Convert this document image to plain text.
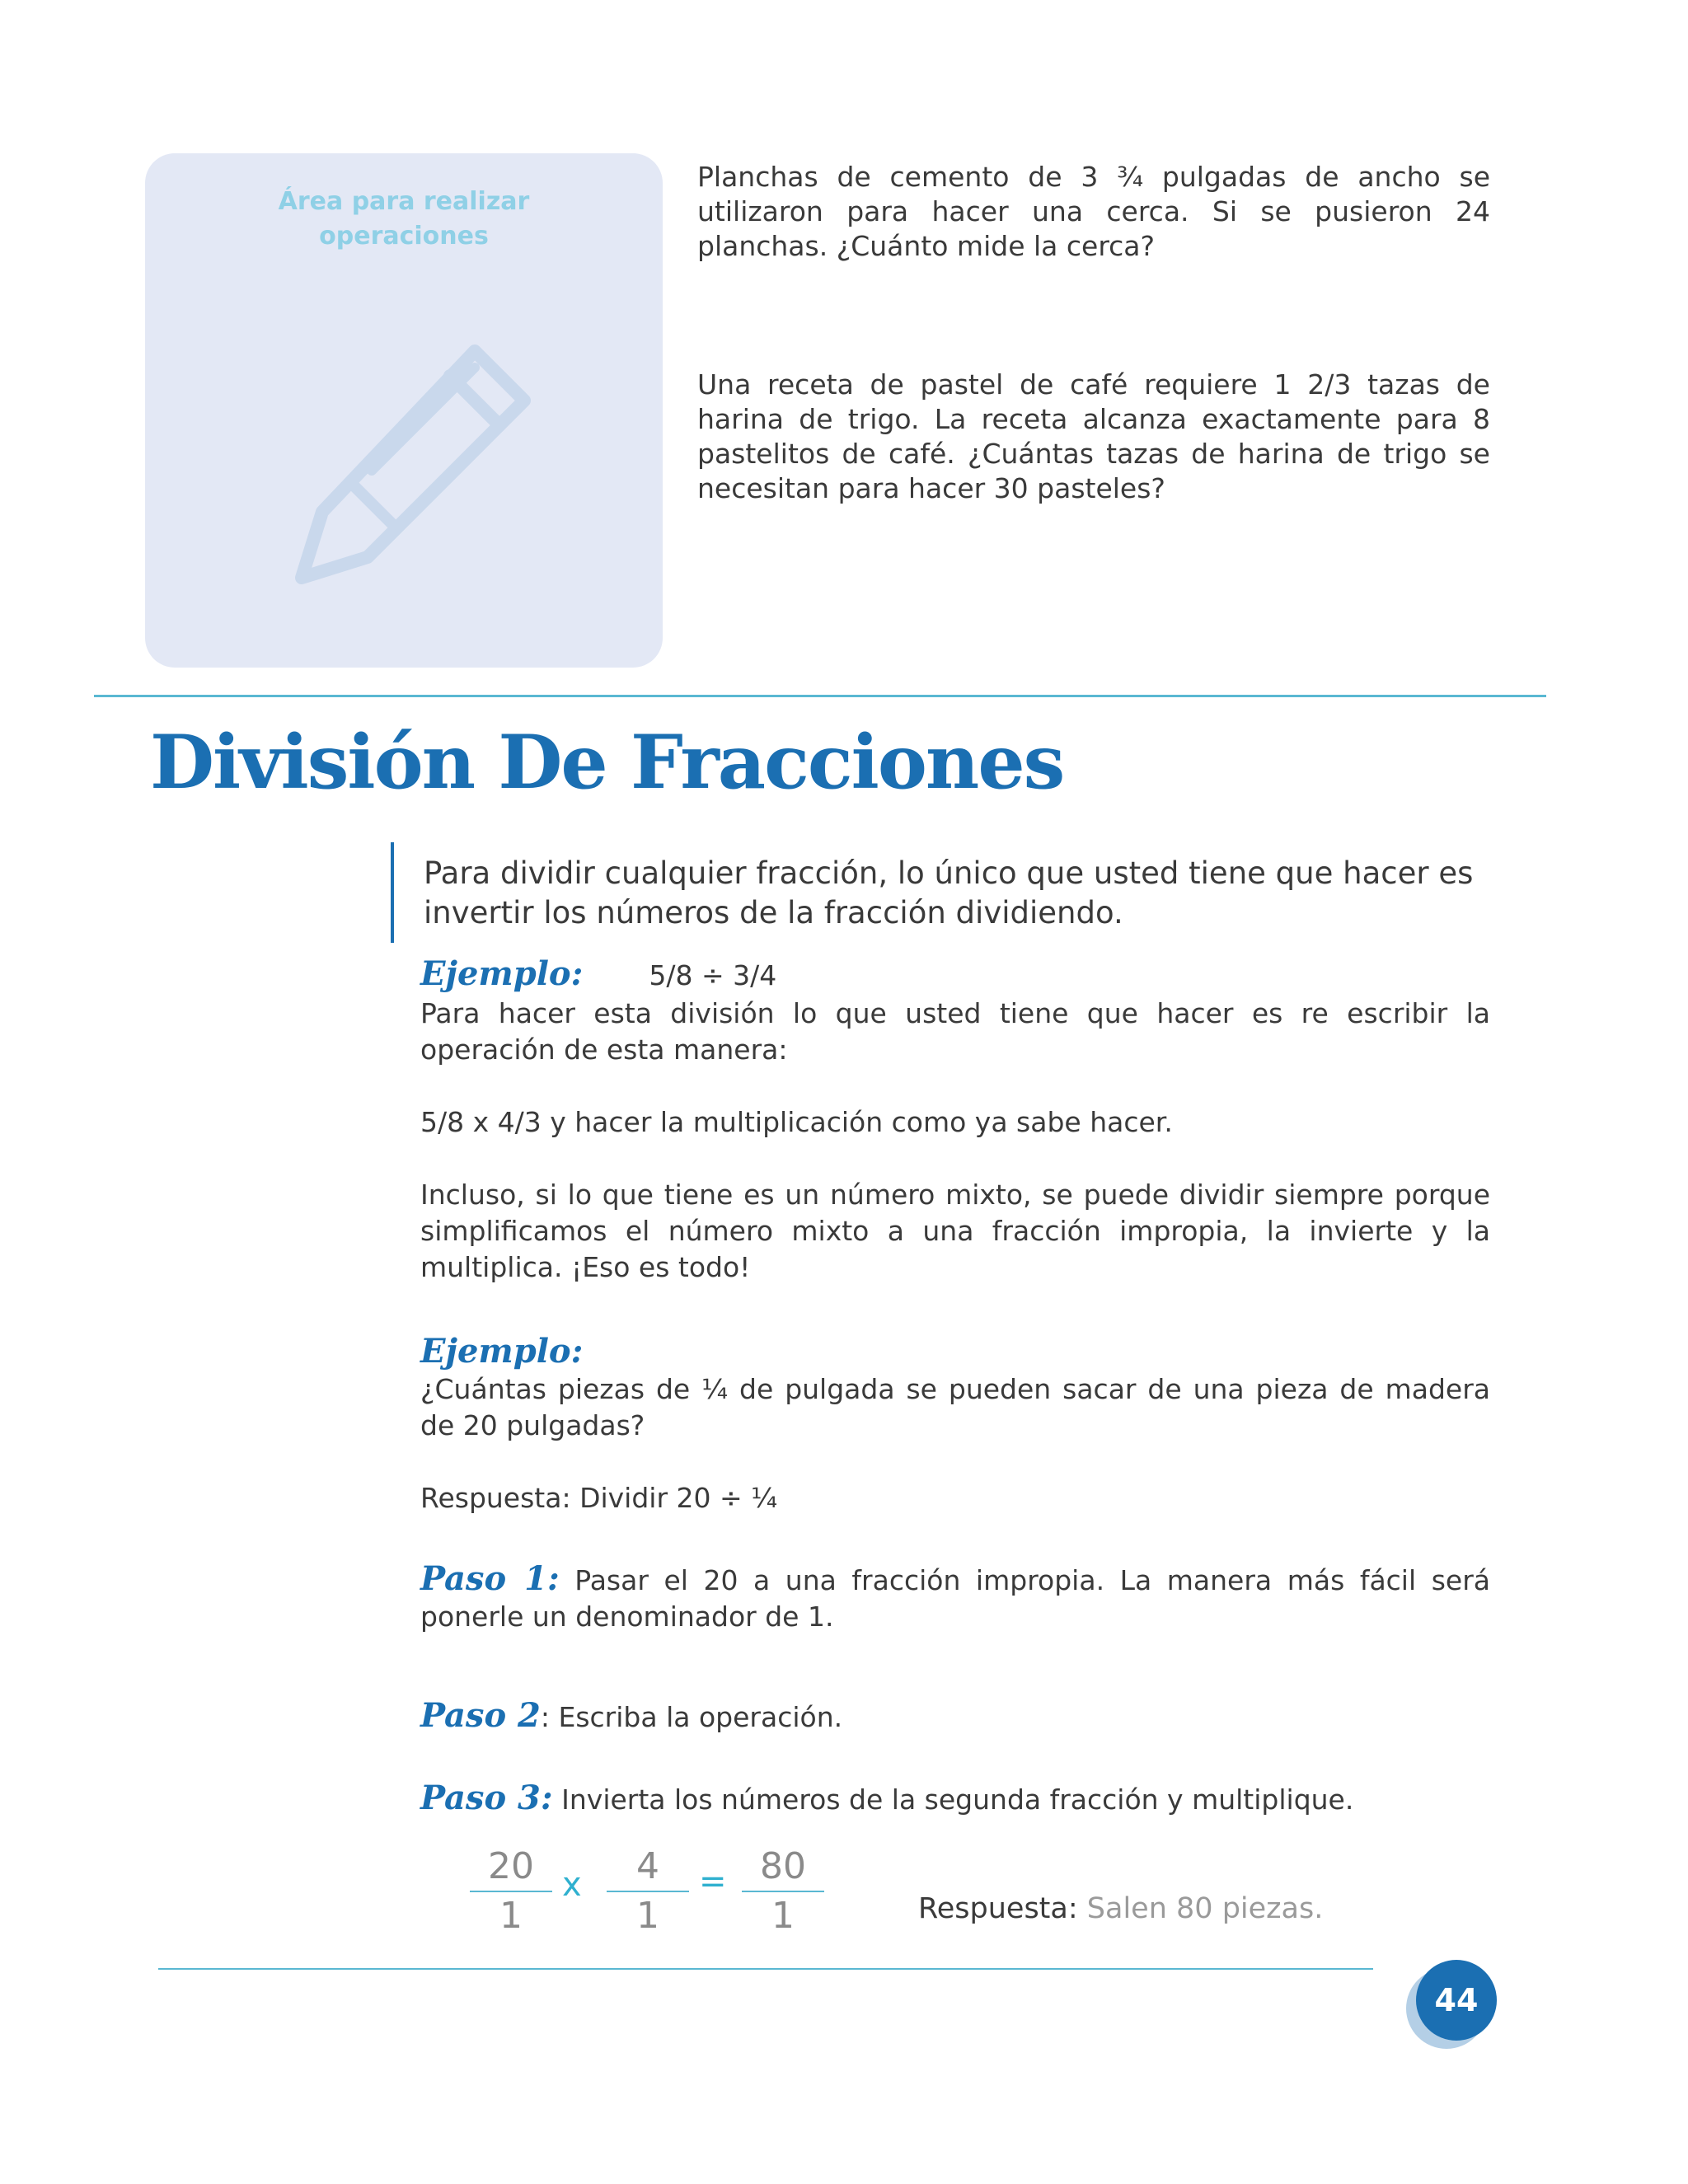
Área para realizar
operaciones
Planchas de cemento de 3 ¾ pulgadas de ancho se utilizaron para hacer una cerca. Si se pusieron 24 planchas. ¿Cuánto mide la cerca?
Una receta de pastel de café requiere 1 2/3 tazas de harina de trigo. La receta alcanza exactamente para 8 pastelitos de café. ¿Cuántas tazas de harina de trigo se necesitan para hacer 30 pasteles?
División De Fracciones
Para dividir cualquier fracción, lo único que usted tiene que hacer es invertir los números de la fracción dividiendo.
Ejemplo: 5/8 ÷ 3/4
Para hacer esta división lo que usted tiene que hacer es re escribir la operación de esta manera:
5/8 x 4/3 y hacer la multiplicación como ya sabe hacer.
Incluso, si lo que tiene es un número mixto, se puede dividir siempre porque simplificamos el número mixto a una fracción impropia, la invierte y la multiplica. ¡Eso es todo!
Ejemplo:
¿Cuántas piezas de ¼ de pulgada se pueden sacar de una pieza de madera de 20 pulgadas?
Respuesta: Dividir 20 ÷ ¼
Paso 1: Pasar el 20 a una fracción impropia. La manera más fácil será ponerle un denominador de 1.
Paso 2: Escriba la operación.
Paso 3: Invierta los números de la segunda fracción y multiplique.
20
1
x	4
1
= 80
1	Respuesta: Salen 80 piezas.
44
